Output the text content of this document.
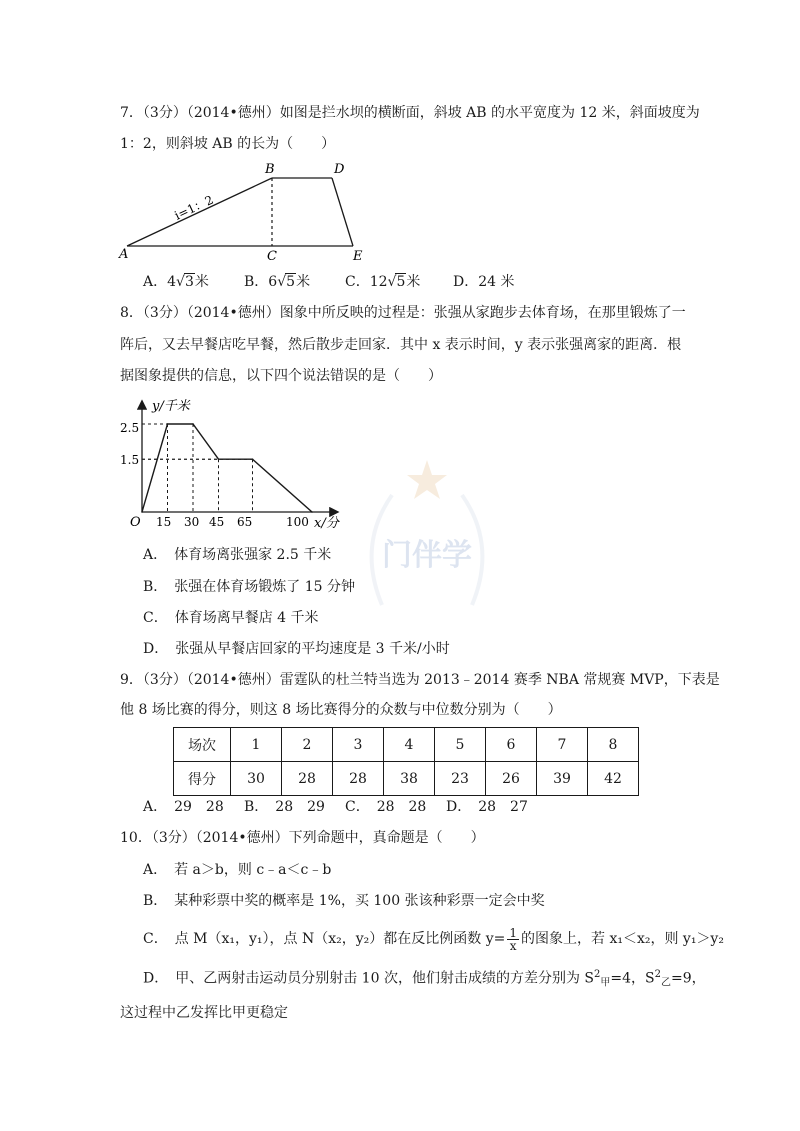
门伴学
7．（3分）（2014•德州）如图是拦水坝的横断面，斜坡 AB 的水平宽度为 12 米，斜面坡度为
1：2，则斜坡 AB 的长为（　　）
A
B
C
D
E
i=1：2
A．4√3米	B．6√5米 C．12√5米 D．24 米
8．（3分）（2014•德州）图象中所反映的过程是：张强从家跑步去体育场，在那里锻炼了一
阵后，又去早餐店吃早餐，然后散步走回家．其中 x 表示时间，y 表示张强离家的距离．根
据图象提供的信息，以下四个说法错误的是（　　）
y/千米
x/分
O
2.5
1.5
15 30 45 65	100
A．　体育场离张强家 2.5 千米
B．　张强在体育场锻炼了 15 分钟
C．　体育场离早餐店 4 千米
D．　张强从早餐店回家的平均速度是 3 千米/小时
9．（3分）（2014•德州）雷霆队的杜兰特当选为 2013﹣2014 赛季 NBA 常规赛 MVP，下表是
他 8 场比赛的得分，则这 8 场比赛得分的众数与中位数分别为（　　）
场次	1	2	3	4	5	6	7	8
得分	30	28	28	38	23	26	39	42
A．　29　28 B．　28　29 C．　28　28 D．　28　27
10．（3分）（2014•德州）下列命题中，真命题是（　　）
A．　若 a＞b，则 c﹣a＜c﹣b
B．　某种彩票中奖的概率是 1%，买 100 张该种彩票一定会中奖
C．　点 M（x₁，y₁），点 N（x₂，y₂）都在反比例函数 $y= \frac{1}{x}$ 的图象上，若 x₁＜x₂，则 y₁＞y₂
D．　甲、乙两射击运动员分别射击 10 次，他们射击成绩的方差分别为 $S^2_甲=4$，$S^2_乙=9$，
这过程中乙发挥比甲更稳定
